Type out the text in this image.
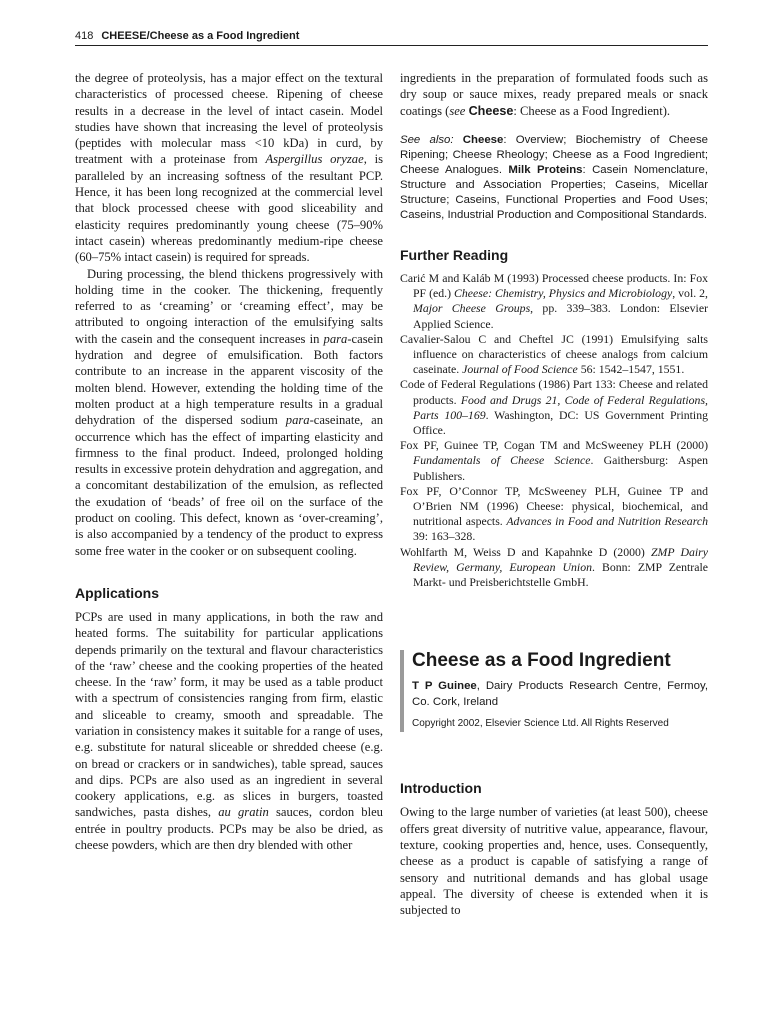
418 CHEESE/Cheese as a Food Ingredient

the degree of proteolysis, has a major effect on the textural characteristics of processed cheese. Ripening of cheese results in a decrease in the level of intact casein. Model studies have shown that increasing the level of proteolysis (peptides with molecular mass <10 kDa) in curd, by treatment with a proteinase from Aspergillus oryzae, is paralleled by an increasing softness of the resultant PCP. Hence, it has been long recognized at the commercial level that block processed cheese with good sliceability and elasticity requires predominantly young cheese (75–90% intact casein) whereas predominantly medium-ripe cheese (60–75% intact casein) is required for spreads.

During processing, the blend thickens progressively with holding time in the cooker. The thickening, frequently referred to as ‘creaming’ or ‘creaming effect’, may be attributed to ongoing interaction of the emulsifying salts with the casein and the consequent increases in para-casein hydration and degree of emulsification. Both factors contribute to an increase in the apparent viscosity of the molten blend. However, extending the holding time of the molten product at a high temperature results in a gradual dehydration of the dispersed sodium para-caseinate, an occurrence which has the effect of imparting elasticity and firmness to the final product. Indeed, prolonged holding results in excessive protein dehydration and aggregation, and a concomitant destabilization of the emulsion, as reflected the exudation of ‘beads’ of free oil on the surface of the product on cooling. This defect, known as ‘over-creaming’, is also accompanied by a tendency of the product to express some free water in the cooker or on subsequent cooling.

Applications

PCPs are used in many applications, in both the raw and heated forms. The suitability for particular applications depends primarily on the textural and flavour characteristics of the ‘raw’ cheese and the cooking properties of the heated cheese. In the ‘raw’ form, it may be used as a table product with a spectrum of consistencies ranging from firm, elastic and sliceable to creamy, smooth and spreadable. The variation in consistency makes it suitable for a range of uses, e.g. substitute for natural sliceable or shredded cheese (e.g. on bread or crackers or in sandwiches), table spread, sauces and dips. PCPs are also used as an ingredient in several cookery applications, e.g. as slices in burgers, toasted sandwiches, pasta dishes, au gratin sauces, cordon bleu entrée in poultry products. PCPs may be also be dried, as cheese powders, which are then dry blended with other

ingredients in the preparation of formulated foods such as dry soup or sauce mixes, ready prepared meals or snack coatings (see Cheese: Cheese as a Food Ingredient).

See also: Cheese: Overview; Biochemistry of Cheese Ripening; Cheese Rheology; Cheese as a Food Ingredient; Cheese Analogues. Milk Proteins: Casein Nomenclature, Structure and Association Properties; Caseins, Micellar Structure; Caseins, Functional Properties and Food Uses; Caseins, Industrial Production and Compositional Standards.

Further Reading
Carić M and Kaláb M (1993) Processed cheese products. In: Fox PF (ed.) Cheese: Chemistry, Physics and Microbiology, vol. 2, Major Cheese Groups, pp. 339–383. London: Elsevier Applied Science.
Cavalier-Salou C and Cheftel JC (1991) Emulsifying salts influence on characteristics of cheese analogs from calcium caseinate. Journal of Food Science 56: 1542–1547, 1551.
Code of Federal Regulations (1986) Part 133: Cheese and related products. Food and Drugs 21, Code of Federal Regulations, Parts 100–169. Washington, DC: US Government Printing Office.
Fox PF, Guinee TP, Cogan TM and McSweeney PLH (2000) Fundamentals of Cheese Science. Gaithersburg: Aspen Publishers.
Fox PF, O’Connor TP, McSweeney PLH, Guinee TP and O’Brien NM (1996) Cheese: physical, biochemical, and nutritional aspects. Advances in Food and Nutrition Research 39: 163–328.
Wohlfarth M, Weiss D and Kapahnke D (2000) ZMP Dairy Review, Germany, European Union. Bonn: ZMP Zentrale Markt- und Preisberichtstelle GmbH.
Cheese as a Food Ingredient

T P Guinee, Dairy Products Research Centre, Fermoy, Co. Cork, Ireland

Copyright 2002, Elsevier Science Ltd. All Rights Reserved

Introduction

Owing to the large number of varieties (at least 500), cheese offers great diversity of nutritive value, appearance, flavour, texture, cooking properties and, hence, uses. Consequently, cheese as a product is capable of satisfying a range of sensory and nutritional demands and has global usage appeal. The diversity of cheese is extended when it is subjected to
